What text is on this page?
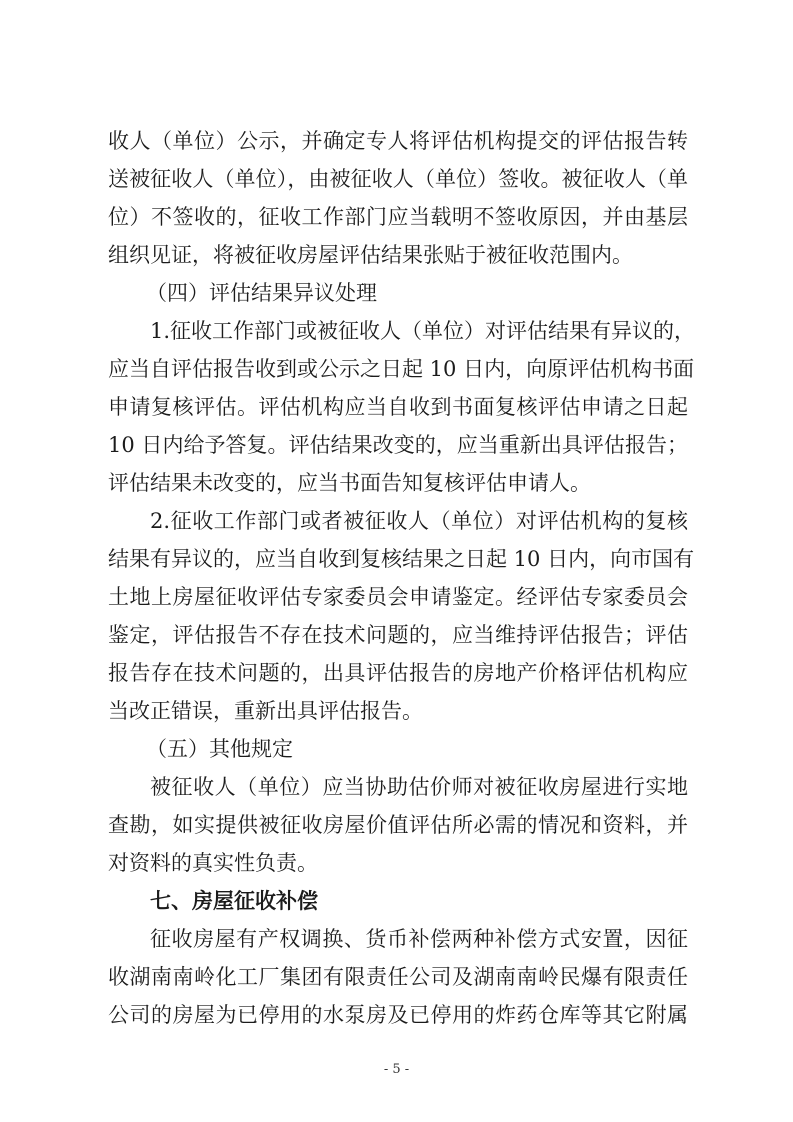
收人（单位）公示，并确定专人将评估机构提交的评估报告转
送被征收人（单位），由被征收人（单位）签收。被征收人（单
位）不签收的，征收工作部门应当载明不签收原因，并由基层
组织见证，将被征收房屋评估结果张贴于被征收范围内。
（四）评估结果异议处理
1.征收工作部门或被征收人（单位）对评估结果有异议的，
应当自评估报告收到或公示之日起 10 日内，向原评估机构书面
申请复核评估。评估机构应当自收到书面复核评估申请之日起
10 日内给予答复。评估结果改变的，应当重新出具评估报告；
评估结果未改变的，应当书面告知复核评估申请人。
2.征收工作部门或者被征收人（单位）对评估机构的复核
结果有异议的，应当自收到复核结果之日起 10 日内，向市国有
土地上房屋征收评估专家委员会申请鉴定。经评估专家委员会
鉴定，评估报告不存在技术问题的，应当维持评估报告；评估
报告存在技术问题的，出具评估报告的房地产价格评估机构应
当改正错误，重新出具评估报告。
（五）其他规定
被征收人（单位）应当协助估价师对被征收房屋进行实地
查勘，如实提供被征收房屋价值评估所必需的情况和资料，并
对资料的真实性负责。
七、房屋征收补偿
征收房屋有产权调换、货币补偿两种补偿方式安置，因征
收湖南南岭化工厂集团有限责任公司及湖南南岭民爆有限责任
公司的房屋为已停用的水泵房及已停用的炸药仓库等其它附属
- 5 -
